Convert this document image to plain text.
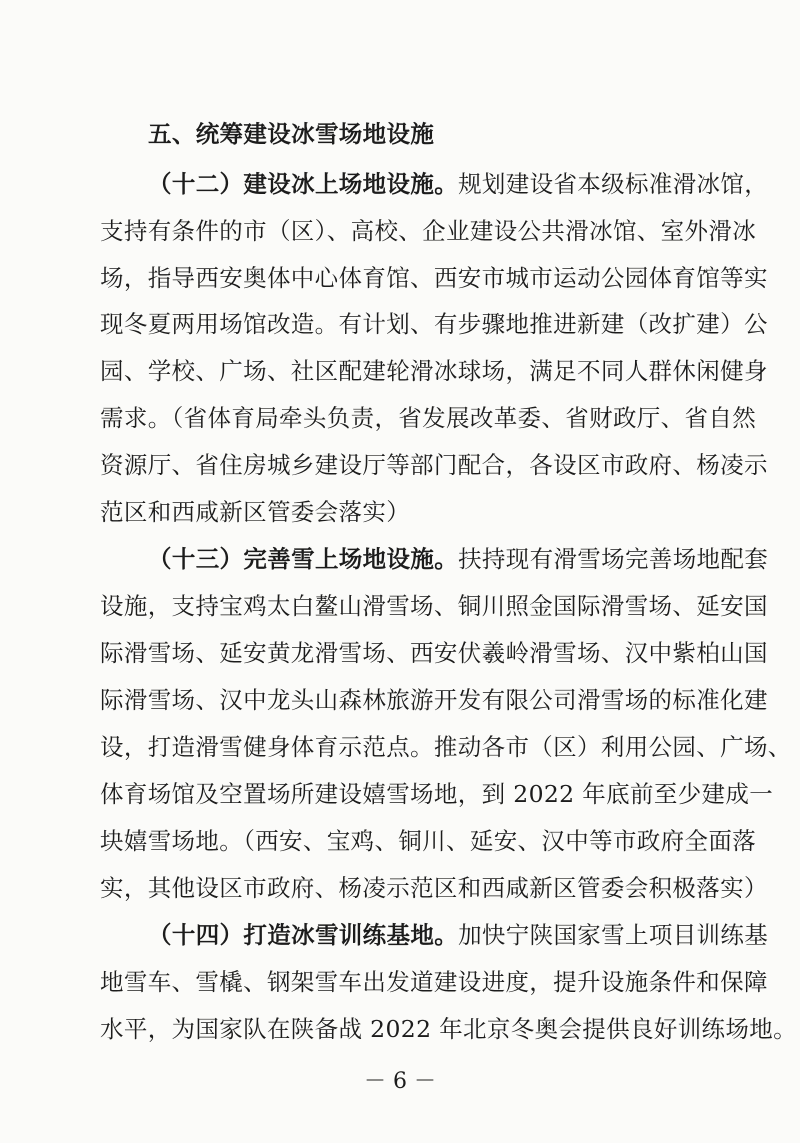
五、统筹建设冰雪场地设施
（十二）建设冰上场地设施。规划建设省本级标准滑冰馆，
支持有条件的市（区）、高校、企业建设公共滑冰馆、室外滑冰
场，指导西安奥体中心体育馆、西安市城市运动公园体育馆等实
现冬夏两用场馆改造。有计划、有步骤地推进新建（改扩建）公
园、学校、广场、社区配建轮滑冰球场，满足不同人群休闲健身
需求。（省体育局牵头负责，省发展改革委、省财政厅、省自然
资源厅、省住房城乡建设厅等部门配合，各设区市政府、杨凌示
范区和西咸新区管委会落实）
（十三）完善雪上场地设施。扶持现有滑雪场完善场地配套
设施，支持宝鸡太白鳌山滑雪场、铜川照金国际滑雪场、延安国
际滑雪场、延安黄龙滑雪场、西安伏羲岭滑雪场、汉中紫柏山国
际滑雪场、汉中龙头山森林旅游开发有限公司滑雪场的标准化建
设，打造滑雪健身体育示范点。推动各市（区）利用公园、广场、
体育场馆及空置场所建设嬉雪场地，到 2022 年底前至少建成一
块嬉雪场地。（西安、宝鸡、铜川、延安、汉中等市政府全面落
实，其他设区市政府、杨凌示范区和西咸新区管委会积极落实）
（十四）打造冰雪训练基地。加快宁陕国家雪上项目训练基
地雪车、雪橇、钢架雪车出发道建设进度，提升设施条件和保障
水平，为国家队在陕备战 2022 年北京冬奥会提供良好训练场地。
－ 6 －
